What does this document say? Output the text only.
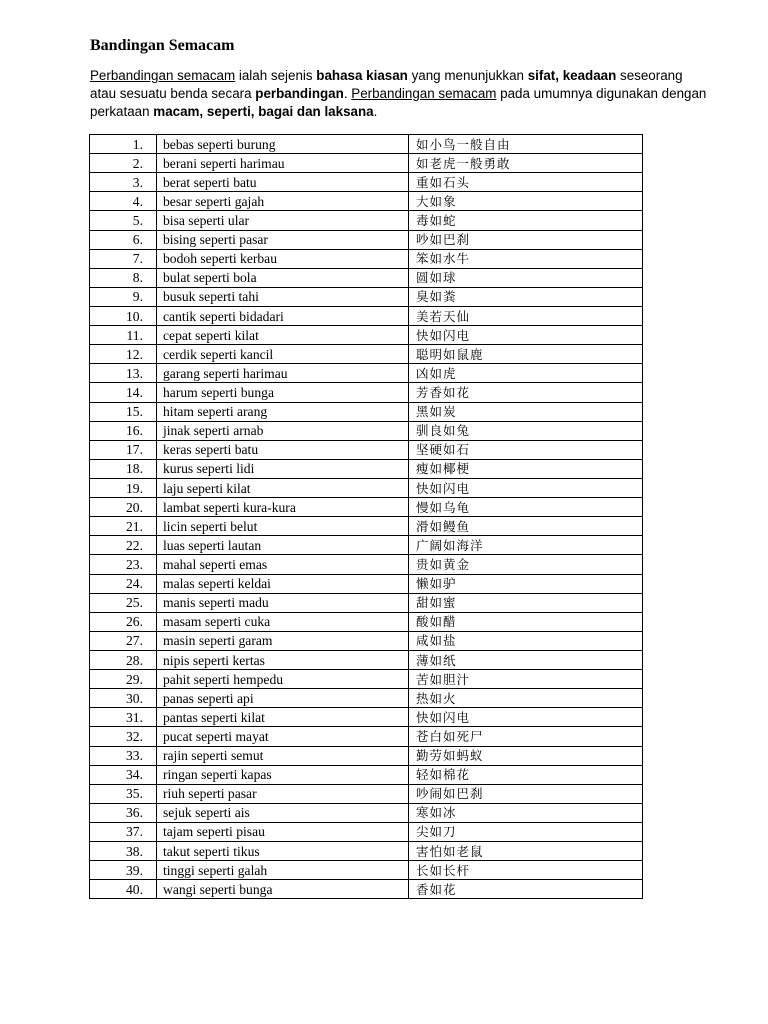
Bandingan Semacam

Perbandingan semacam ialah sejenis bahasa kiasan yang menunjukkan sifat, keadaan seseorang atau sesuatu benda secara perbandingan. Perbandingan semacam pada umumnya digunakan dengan perkataan macam, seperti, bagai dan laksana.

1.	bebas seperti burung	如小鸟一般自由
2.	berani seperti harimau	如老虎一般勇敢
3.	berat seperti batu	重如石头
4.	besar seperti gajah	大如象
5.	bisa seperti ular	毒如蛇
6.	bising seperti pasar	吵如巴刹
7.	bodoh seperti kerbau	笨如水牛
8.	bulat seperti bola	圆如球
9.	busuk seperti tahi	臭如粪
10.	cantik seperti bidadari	美若天仙
11.	cepat seperti kilat	快如闪电
12.	cerdik seperti kancil	聪明如鼠鹿
13.	garang seperti harimau	凶如虎
14.	harum seperti bunga	芳香如花
15.	hitam seperti arang	黑如炭
16.	jinak seperti arnab	驯良如兔
17.	keras seperti batu	坚硬如石
18.	kurus seperti lidi	瘦如椰梗
19.	laju seperti kilat	快如闪电
20.	lambat seperti kura-kura	慢如乌龟
21.	licin seperti belut	滑如鳗鱼
22.	luas seperti lautan	广阔如海洋
23.	mahal seperti emas	贵如黄金
24.	malas seperti keldai	懒如驴
25.	manis seperti madu	甜如蜜
26.	masam seperti cuka	酸如醋
27.	masin seperti garam	咸如盐
28.	nipis seperti kertas	薄如纸
29.	pahit seperti hempedu	苦如胆汁
30.	panas seperti api	热如火
31.	pantas seperti kilat	快如闪电
32.	pucat seperti mayat	苍白如死尸
33.	rajin seperti semut	勤劳如蚂蚁
34.	ringan seperti kapas	轻如棉花
35.	riuh seperti pasar	吵闹如巴刹
36.	sejuk seperti ais	寒如冰
37.	tajam seperti pisau	尖如刀
38.	takut seperti tikus	害怕如老鼠
39.	tinggi seperti galah	长如长杆
40.	wangi seperti bunga	香如花
